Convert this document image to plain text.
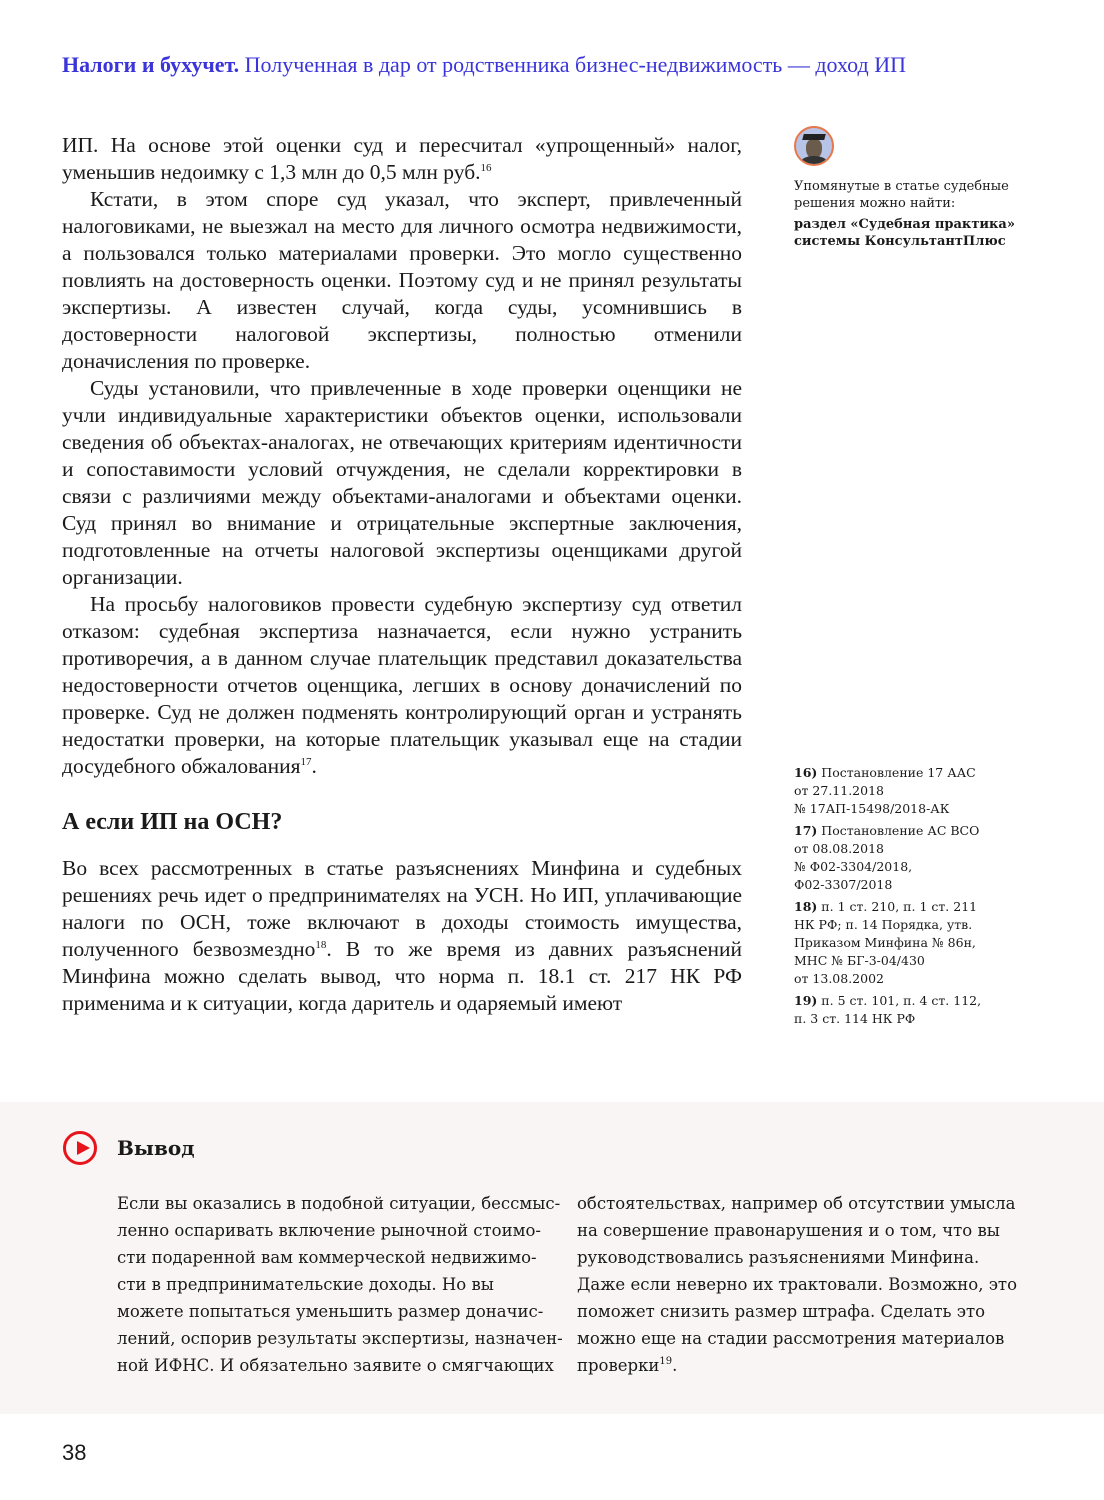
Налоги и бухучет. Полученная в дар от родственника бизнес-недвижимость — доход ИП

ИП. На основе этой оценки суд и пересчитал «упрощенный» налог, уменьшив недоимку с 1,3 млн до 0,5 млн руб.$^{16}$

Кстати, в этом споре суд указал, что эксперт, привлеченный налоговиками, не выезжал на место для личного осмотра недвижимости, а пользовался только материалами проверки. Это могло существенно повлиять на достоверность оценки. Поэтому суд и не принял результаты экспертизы. А известен случай, когда суды, усомнившись в достоверности налоговой экспертизы, полностью отменили доначисления по проверке.

Суды установили, что привлеченные в ходе проверки оценщики не учли индивидуальные характеристики объектов оценки, использовали сведения об объектах-аналогах, не отвечающих критериям идентичности и сопоставимости условий отчуждения, не сделали корректировки в связи с различиями между объектами-аналогами и объектами оценки. Суд принял во внимание и отрицательные экспертные заключения, подготовленные на отчеты налоговой экспертизы оценщиками другой организации.

На просьбу налоговиков провести судебную экспертизу суд ответил отказом: судебная экспертиза назначается, если нужно устранить противоречия, а в данном случае плательщик представил доказательства недостоверности отчетов оценщика, легших в основу доначислений по проверке. Суд не должен подменять контролирующий орган и устранять недостатки проверки, на которые плательщик указывал еще на стадии досудебного обжалования$^{17}$.

А если ИП на ОСН?

Во всех рассмотренных в статье разъяснениях Минфина и судебных решениях речь идет о предпринимателях на УСН. Но ИП, уплачивающие налоги по ОСН, тоже включают в доходы стоимость имущества, полученного безвозмездно$^{18}$. В то же время из давних разъяснений Минфина можно сделать вывод, что норма п. 18.1 ст. 217 НК РФ применима и к ситуации, когда даритель и одаряемый имеют

Упомянутые в статье судебные решения можно найти:

раздел «Судебная практика» системы КонсультантПлюс

16) Постановление 17 ААС
от 27.11.2018
№ 17АП-15498/2018-АК
17) Постановление АС ВСО
от 08.08.2018
№ Ф02-3304/2018,
Ф02-3307/2018
18) п. 1 ст. 210, п. 1 ст. 211
НК РФ; п. 14 Порядка, утв.
Приказом Минфина № 86н,
МНС № БГ-3-04/430
от 13.08.2002
19) п. 5 ст. 101, п. 4 ст. 112,
п. 3 ст. 114 НК РФ
Вывод
Если вы оказались в подобной ситуации, бессмыс-
ленно оспаривать включение рыночной стоимо-
сти подаренной вам коммерческой недвижимо-
сти в предпринимательские доходы. Но вы
можете попытаться уменьшить размер доначис-
лений, оспорив результаты экспертизы, назначен-
ной ИФНС. И обязательно заявите о смягчающих
обстоятельствах, например об отсутствии умысла
на совершение правонарушения и о том, что вы
руководствовались разъяснениями Минфина.
Даже если неверно их трактовали. Возможно, это
поможет снизить размер штрафа. Сделать это
можно еще на стадии рассмотрения материалов
проверки$^{19}$.
38
